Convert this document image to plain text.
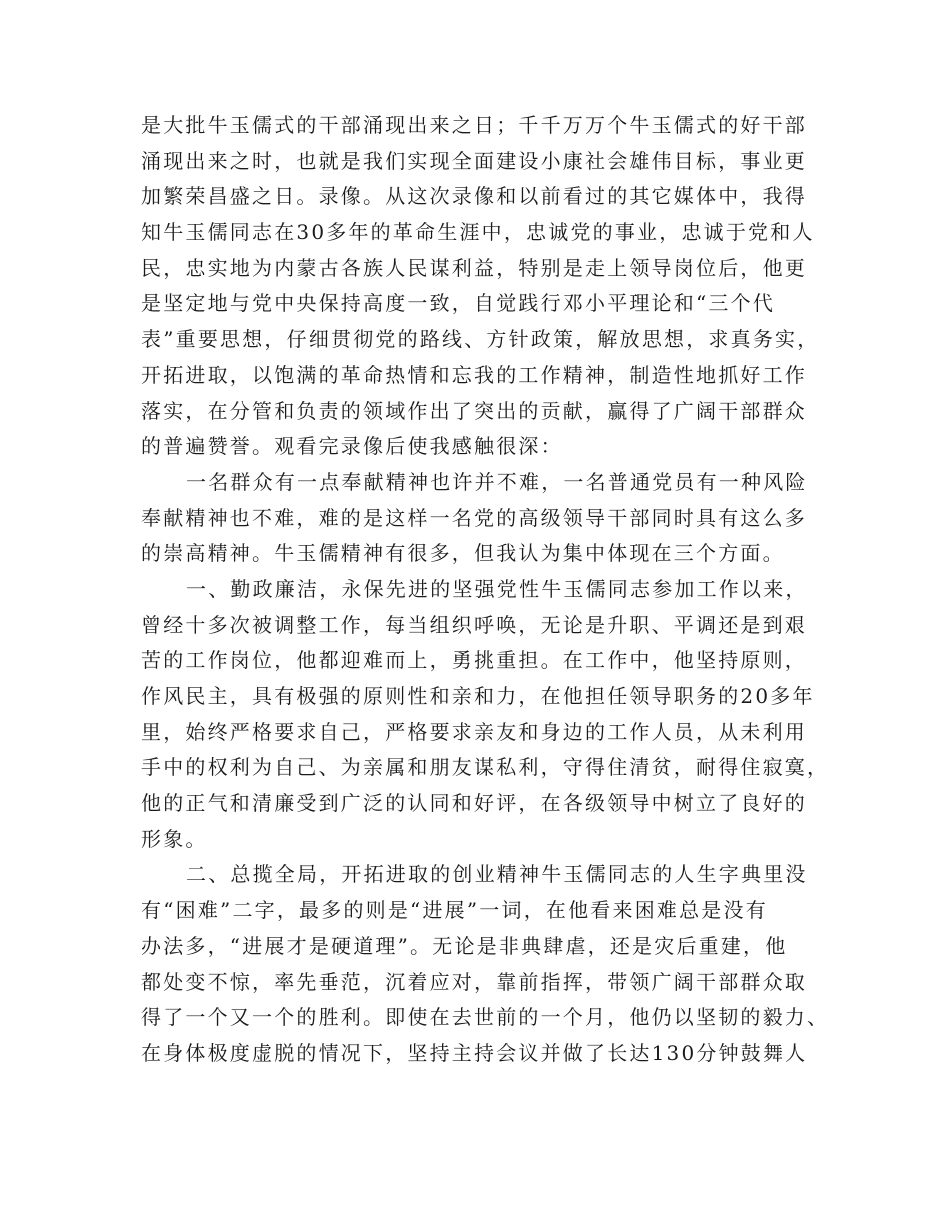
是大批牛玉儒式的干部涌现出来之日；千千万万个牛玉儒式的好干部
涌现出来之时，也就是我们实现全面建设小康社会雄伟目标，事业更
加繁荣昌盛之日。录像。从这次录像和以前看过的其它媒体中，我得
知牛玉儒同志在30多年的革命生涯中，忠诚党的事业，忠诚于党和人
民，忠实地为内蒙古各族人民谋利益，特别是走上领导岗位后，他更
是坚定地与党中央保持高度一致，自觉践行邓小平理论和“三个代
表”重要思想，仔细贯彻党的路线、方针政策，解放思想，求真务实，
开拓进取，以饱满的革命热情和忘我的工作精神，制造性地抓好工作
落实，在分管和负责的领域作出了突出的贡献，赢得了广阔干部群众
的普遍赞誉。观看完录像后使我感触很深：
一名群众有一点奉献精神也许并不难，一名普通党员有一种风险
奉献精神也不难，难的是这样一名党的高级领导干部同时具有这么多
的崇高精神。牛玉儒精神有很多，但我认为集中体现在三个方面。
一、勤政廉洁，永保先进的坚强党性牛玉儒同志参加工作以来，
曾经十多次被调整工作，每当组织呼唤，无论是升职、平调还是到艰
苦的工作岗位，他都迎难而上，勇挑重担。在工作中，他坚持原则，
作风民主，具有极强的原则性和亲和力，在他担任领导职务的20多年
里，始终严格要求自己，严格要求亲友和身边的工作人员，从未利用
手中的权利为自己、为亲属和朋友谋私利，守得住清贫，耐得住寂寞，
他的正气和清廉受到广泛的认同和好评，在各级领导中树立了良好的
形象。
二、总揽全局，开拓进取的创业精神牛玉儒同志的人生字典里没
有“困难”二字，最多的则是“进展”一词，在他看来困难总是没有
办法多，“进展才是硬道理”。无论是非典肆虐，还是灾后重建，他
都处变不惊，率先垂范，沉着应对，靠前指挥，带领广阔干部群众取
得了一个又一个的胜利。即使在去世前的一个月，他仍以坚韧的毅力、
在身体极度虚脱的情况下，坚持主持会议并做了长达130分钟鼓舞人
